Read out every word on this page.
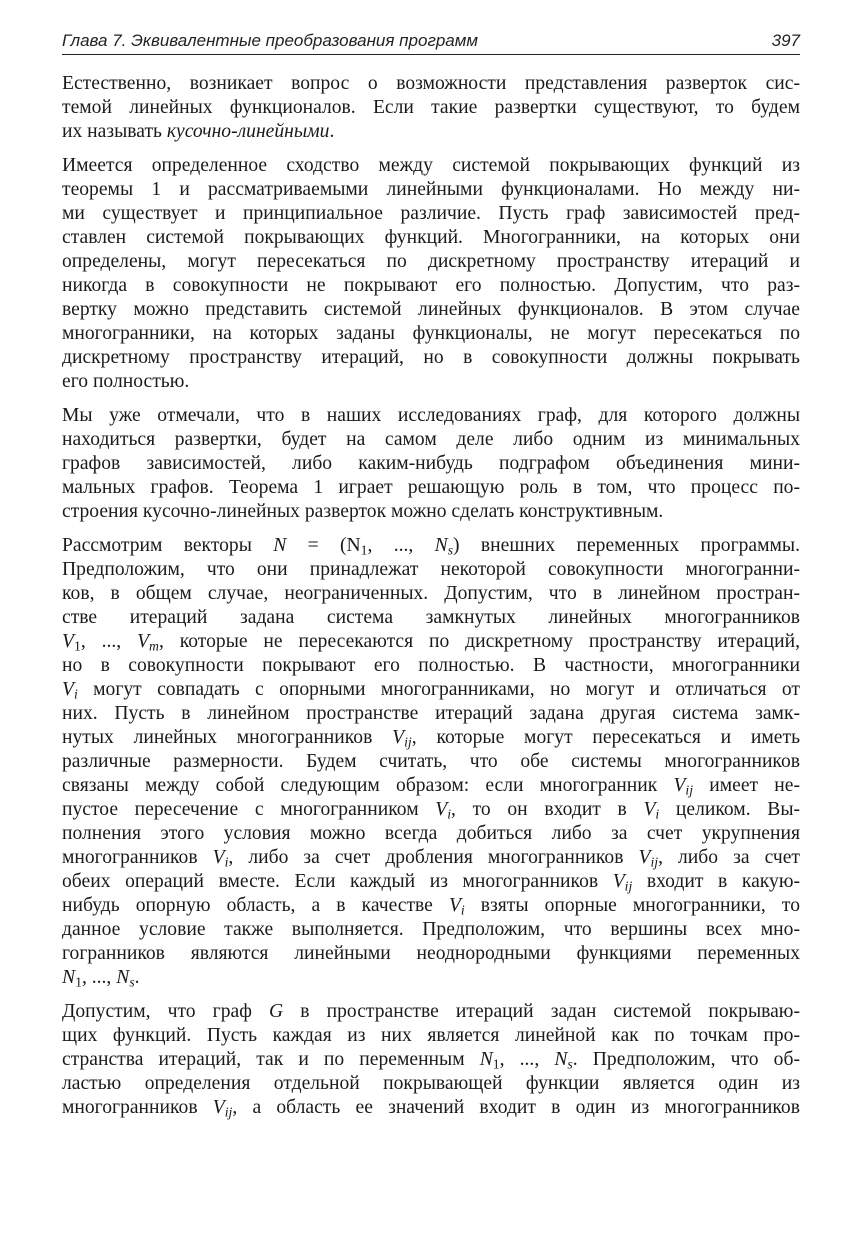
Глава 7. Эквивалентные преобразования программ	397

Естественно, возникает вопрос о возможности представления разверток сис-
темой линейных функционалов. Если такие развертки существуют, то будем
их называть кусочно-линейными.

Имеется определенное сходство между системой покрывающих функций из
теоремы 1 и рассматриваемыми линейными функционалами. Но между ни-
ми существует и принципиальное различие. Пусть граф зависимостей пред-
ставлен системой покрывающих функций. Многогранники, на которых они
определены, могут пересекаться по дискретному пространству итераций и
никогда в совокупности не покрывают его полностью. Допустим, что раз-
вертку можно представить системой линейных функционалов. В этом случае
многогранники, на которых заданы функционалы, не могут пересекаться по
дискретному пространству итераций, но в совокупности должны покрывать
его полностью.

Мы уже отмечали, что в наших исследованиях граф, для которого должны
находиться развертки, будет на самом деле либо одним из минимальных
графов зависимостей, либо каким-нибудь подграфом объединения мини-
мальных графов. Теорема 1 играет решающую роль в том, что процесс по-
строения кусочно-линейных разверток можно сделать конструктивным.

Рассмотрим векторы $N = (N_1$, ..., $N_s$) внешних переменных программы.
Предположим, что они принадлежат некоторой совокупности многогранни-
ков, в общем случае, неограниченных. Допустим, что в линейном простран-
стве итераций задана система замкнутых линейных многогранников
$V_1$, ..., $V_m$, которые не пересекаются по дискретному пространству итераций,
но в совокупности покрывают его полностью. В частности, многогранники
$V_i$ могут совпадать с опорными многогранниками, но могут и отличаться от
них. Пусть в линейном пространстве итераций задана другая система замк-
нутых линейных многогранников $V_{ij}$, которые могут пересекаться и иметь
различные размерности. Будем считать, что обе системы многогранников
связаны между собой следующим образом: если многогранник $V_{ij}$ имеет не-
пустое пересечение с многогранником $V_i$, то он входит в $V_i$ целиком. Вы-
полнения этого условия можно всегда добиться либо за счет укрупнения
многогранников $V_i$, либо за счет дробления многогранников $V_{ij}$, либо за счет
обеих операций вместе. Если каждый из многогранников $V_{ij}$ входит в какую-
нибудь опорную область, а в качестве $V_i$ взяты опорные многогранники, то
данное условие также выполняется. Предположим, что вершины всех мно-
гогранников являются линейными неоднородными функциями переменных
$N_1$, ..., $N_s$.

Допустим, что граф G в пространстве итераций задан системой покрываю-
щих функций. Пусть каждая из них является линейной как по точкам про-
странства итераций, так и по переменным $N_1$, ..., $N_s$. Предположим, что об-
ластью определения отдельной покрывающей функции является один из
многогранников $V_{ij}$, а область ее значений входит в один из многогранников
